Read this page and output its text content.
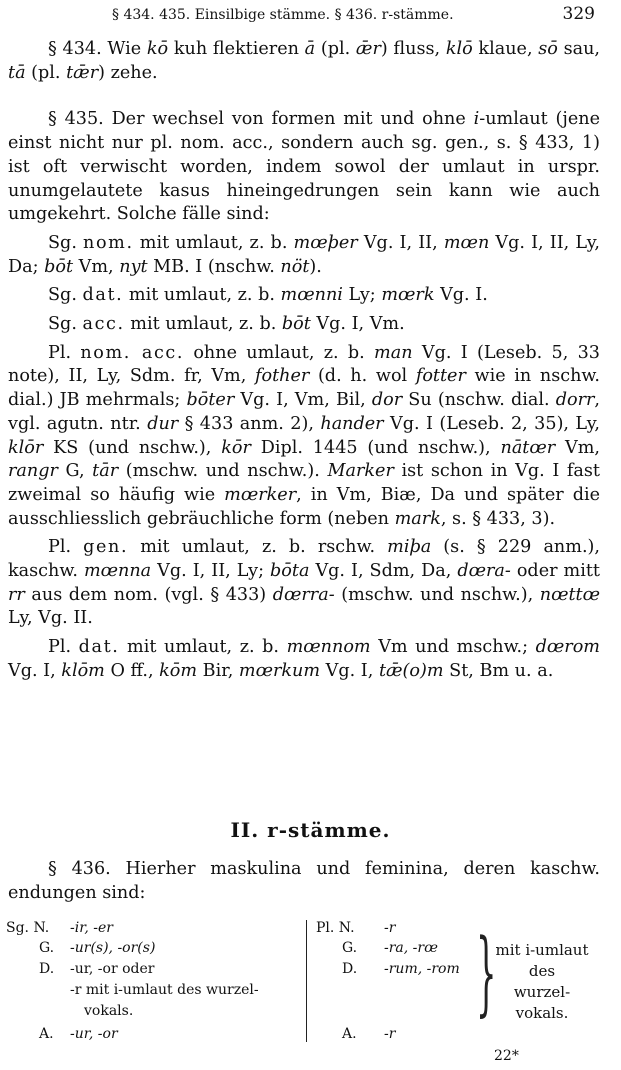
§ 434. 435. Einsilbige stämme. § 436. r-stämme.	329

§ 434. Wie kō kuh flektieren ā (pl. ǣr) fluss, klō klaue, sō sau, tā (pl. tǣr) zehe.

§ 435. Der wechsel von formen mit und ohne i-umlaut (jene einst nicht nur pl. nom. acc., sondern auch sg. gen., s. § 433, 1) ist oft verwischt worden, indem sowol der umlaut in urspr. unumgelautete kasus hineingedrungen sein kann wie auch umgekehrt. Solche fälle sind:

Sg. nom. mit umlaut, z. b. mœþer Vg. I, II, mœn Vg. I, II, Ly, Da; bōt Vm, nyt MB. I (nschw. nöt).

Sg. dat. mit umlaut, z. b. mœnni Ly; mœrk Vg. I.

Sg. acc. mit umlaut, z. b. bōt Vg. I, Vm.

Pl. nom. acc. ohne umlaut, z. b. man Vg. I (Leseb. 5, 33 note), II, Ly, Sdm. fr, Vm, fother (d. h. wol fotter wie in nschw. dial.) JB mehrmals; bōter Vg. I, Vm, Bil, dor Su (nschw. dial. dorr, vgl. agutn. ntr. dur § 433 anm. 2), hander Vg. I (Leseb. 2, 35), Ly, klōr KS (und nschw.), kōr Dipl. 1445 (und nschw.), nātœr Vm, rangr G, tār (mschw. und nschw.). Marker ist schon in Vg. I fast zweimal so häufig wie mœrker, in Vm, Biæ, Da und später die ausschliesslich gebräuchliche form (neben mark, s. § 433, 3).

Pl. gen. mit umlaut, z. b. rschw. miþa (s. § 229 anm.), kaschw. mœnna Vg. I, II, Ly; bōta Vg. I, Sdm, Da, dœra- oder mitt rr aus dem nom. (vgl. § 433) dœrra- (mschw. und nschw.), nœttœ Ly, Vg. II.

Pl. dat. mit umlaut, z. b. mœnnom Vm und mschw.; dœrom Vg. I, klōm O ff., kōm Bir, mœrkum Vg. I, tǣ(o)m St, Bm u. a.

II. r-stämme.

§ 436. Hierher maskulina und feminina, deren kaschw. endungen sind:

Sg. N. -ir, -er
G. -ur(s), -or(s)
D. -ur, -or oder
-r mit i-umlaut des wurzel-
vokals.
A. -ur, -or
Pl. N. -r
G. -ra, -rœ
D. -rum, -rom
A. -r
} mit i-umlaut
des
wurzel-
vokals.
22*
